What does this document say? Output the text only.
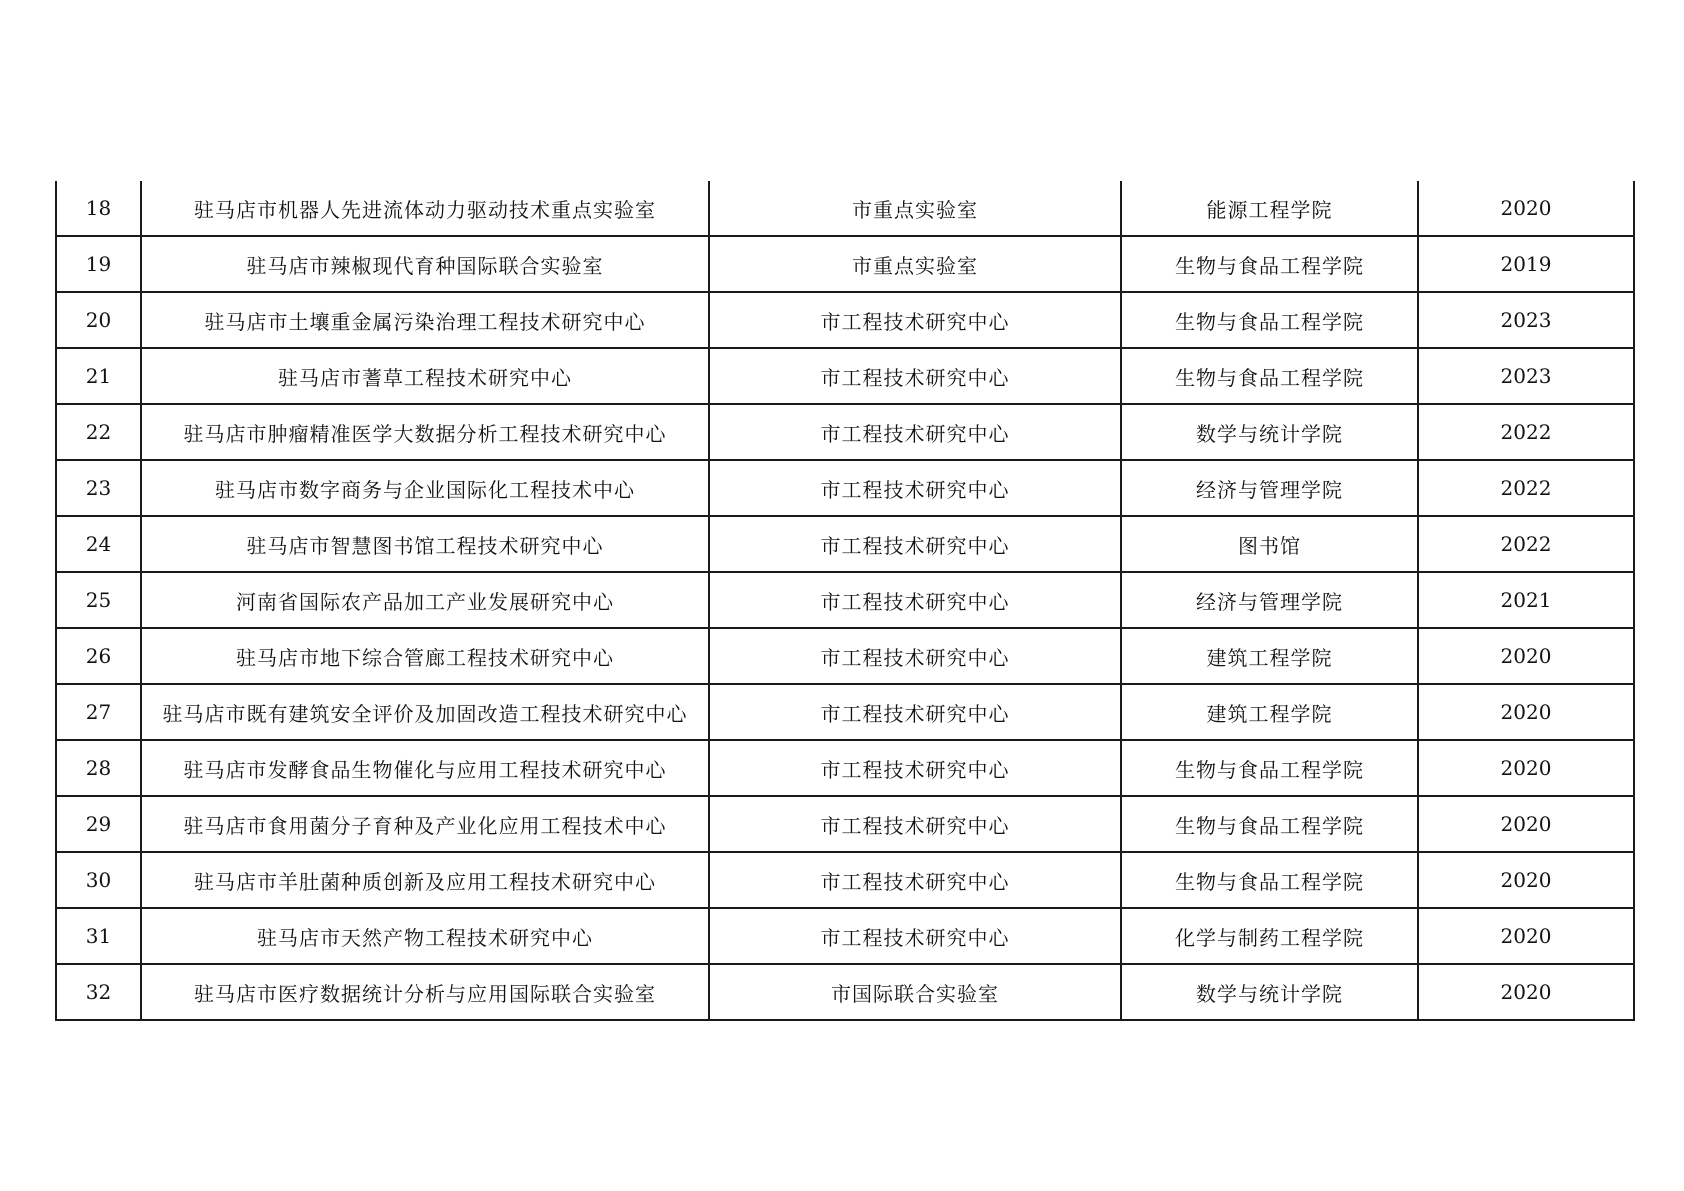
18	驻马店市机器人先进流体动力驱动技术重点实验室	市重点实验室	能源工程学院	2020
19	驻马店市辣椒现代育种国际联合实验室	市重点实验室	生物与食品工程学院	2019
20	驻马店市土壤重金属污染治理工程技术研究中心	市工程技术研究中心	生物与食品工程学院	2023
21	驻马店市蓍草工程技术研究中心	市工程技术研究中心	生物与食品工程学院	2023
22	驻马店市肿瘤精准医学大数据分析工程技术研究中心	市工程技术研究中心	数学与统计学院	2022
23	驻马店市数字商务与企业国际化工程技术中心	市工程技术研究中心	经济与管理学院	2022
24	驻马店市智慧图书馆工程技术研究中心	市工程技术研究中心	图书馆	2022
25	河南省国际农产品加工产业发展研究中心	市工程技术研究中心	经济与管理学院	2021
26	驻马店市地下综合管廊工程技术研究中心	市工程技术研究中心	建筑工程学院	2020
27	驻马店市既有建筑安全评价及加固改造工程技术研究中心	市工程技术研究中心	建筑工程学院	2020
28	驻马店市发酵食品生物催化与应用工程技术研究中心	市工程技术研究中心	生物与食品工程学院	2020
29	驻马店市食用菌分子育种及产业化应用工程技术中心	市工程技术研究中心	生物与食品工程学院	2020
30	驻马店市羊肚菌种质创新及应用工程技术研究中心	市工程技术研究中心	生物与食品工程学院	2020
31	驻马店市天然产物工程技术研究中心	市工程技术研究中心	化学与制药工程学院	2020
32	驻马店市医疗数据统计分析与应用国际联合实验室	市国际联合实验室	数学与统计学院	2020
